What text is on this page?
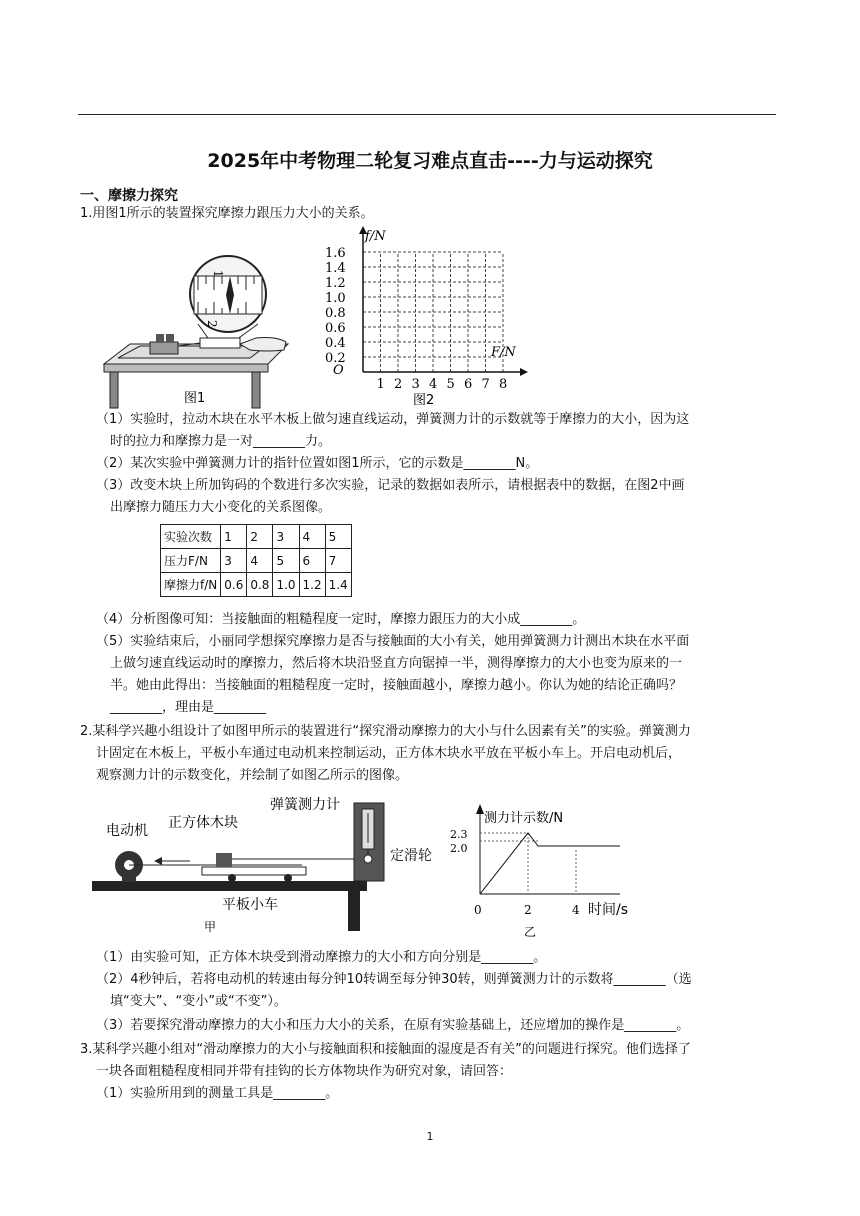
2025年中考物理二轮复习难点直击----力与运动探究
一、摩擦力探究
1.用图1所示的装置探究摩擦力跟压力大小的关系。
1
2
图1
0.2
0.4
0.6
0.8
1.0
1.2
1.4
1.6
1 2 3 4 5 6 7 8
f/N
F/N
O
图2
（1）实验时，拉动木块在水平木板上做匀速直线运动，弹簧测力计的示数就等于摩擦力的大小，因为这
时的拉力和摩擦力是一对________力。
（2）某次实验中弹簧测力计的指针位置如图1所示，它的示数是________N。
（3）改变木块上所加钩码的个数进行多次实验，记录的数据如表所示，请根据表中的数据，在图2中画
出摩擦力随压力大小变化的关系图像。
实验次数	1	2	3	4	5
压力F/N	3	4	5	6	7
摩擦力f/N	0.6	0.8	1.0	1.2	1.4
（4）分析图像可知：当接触面的粗糙程度一定时，摩擦力跟压力的大小成________。
（5）实验结束后，小丽同学想探究摩擦力是否与接触面的大小有关，她用弹簧测力计测出木块在水平面
上做匀速直线运动时的摩擦力，然后将木块沿竖直方向锯掉一半，测得摩擦力的大小也变为原来的一
半。她由此得出：当接触面的粗糙程度一定时，接触面越小，摩擦力越小。你认为她的结论正确吗？
________，理由是________
2.某科学兴趣小组设计了如图甲所示的装置进行“探究滑动摩擦力的大小与什么因素有关”的实验。弹簧测力
计固定在木板上，平板小车通过电动机来控制运动，正方体木块水平放在平板小车上。开启电动机后，
观察测力计的示数变化，并绘制了如图乙所示的图像。
电动机 正方体木块
弹簧测力计
平板小车
甲
定滑轮
测力计示数/N
2.3
2.0
0	2	4 时间/s
乙
（1）由实验可知，正方体木块受到滑动摩擦力的大小和方向分别是________。
（2）4秒钟后，若将电动机的转速由每分钟10转调至每分钟30转，则弹簧测力计的示数将________（选
填“变大”、“变小”或“不变”）。
（3）若要探究滑动摩擦力的大小和压力大小的关系，在原有实验基础上，还应增加的操作是________。
3.某科学兴趣小组对“滑动摩擦力的大小与接触面积和接触面的湿度是否有关”的问题进行探究。他们选择了
一块各面粗糙程度相同并带有挂钩的长方体物块作为研究对象，请回答：
（1）实验所用到的测量工具是________。
1
